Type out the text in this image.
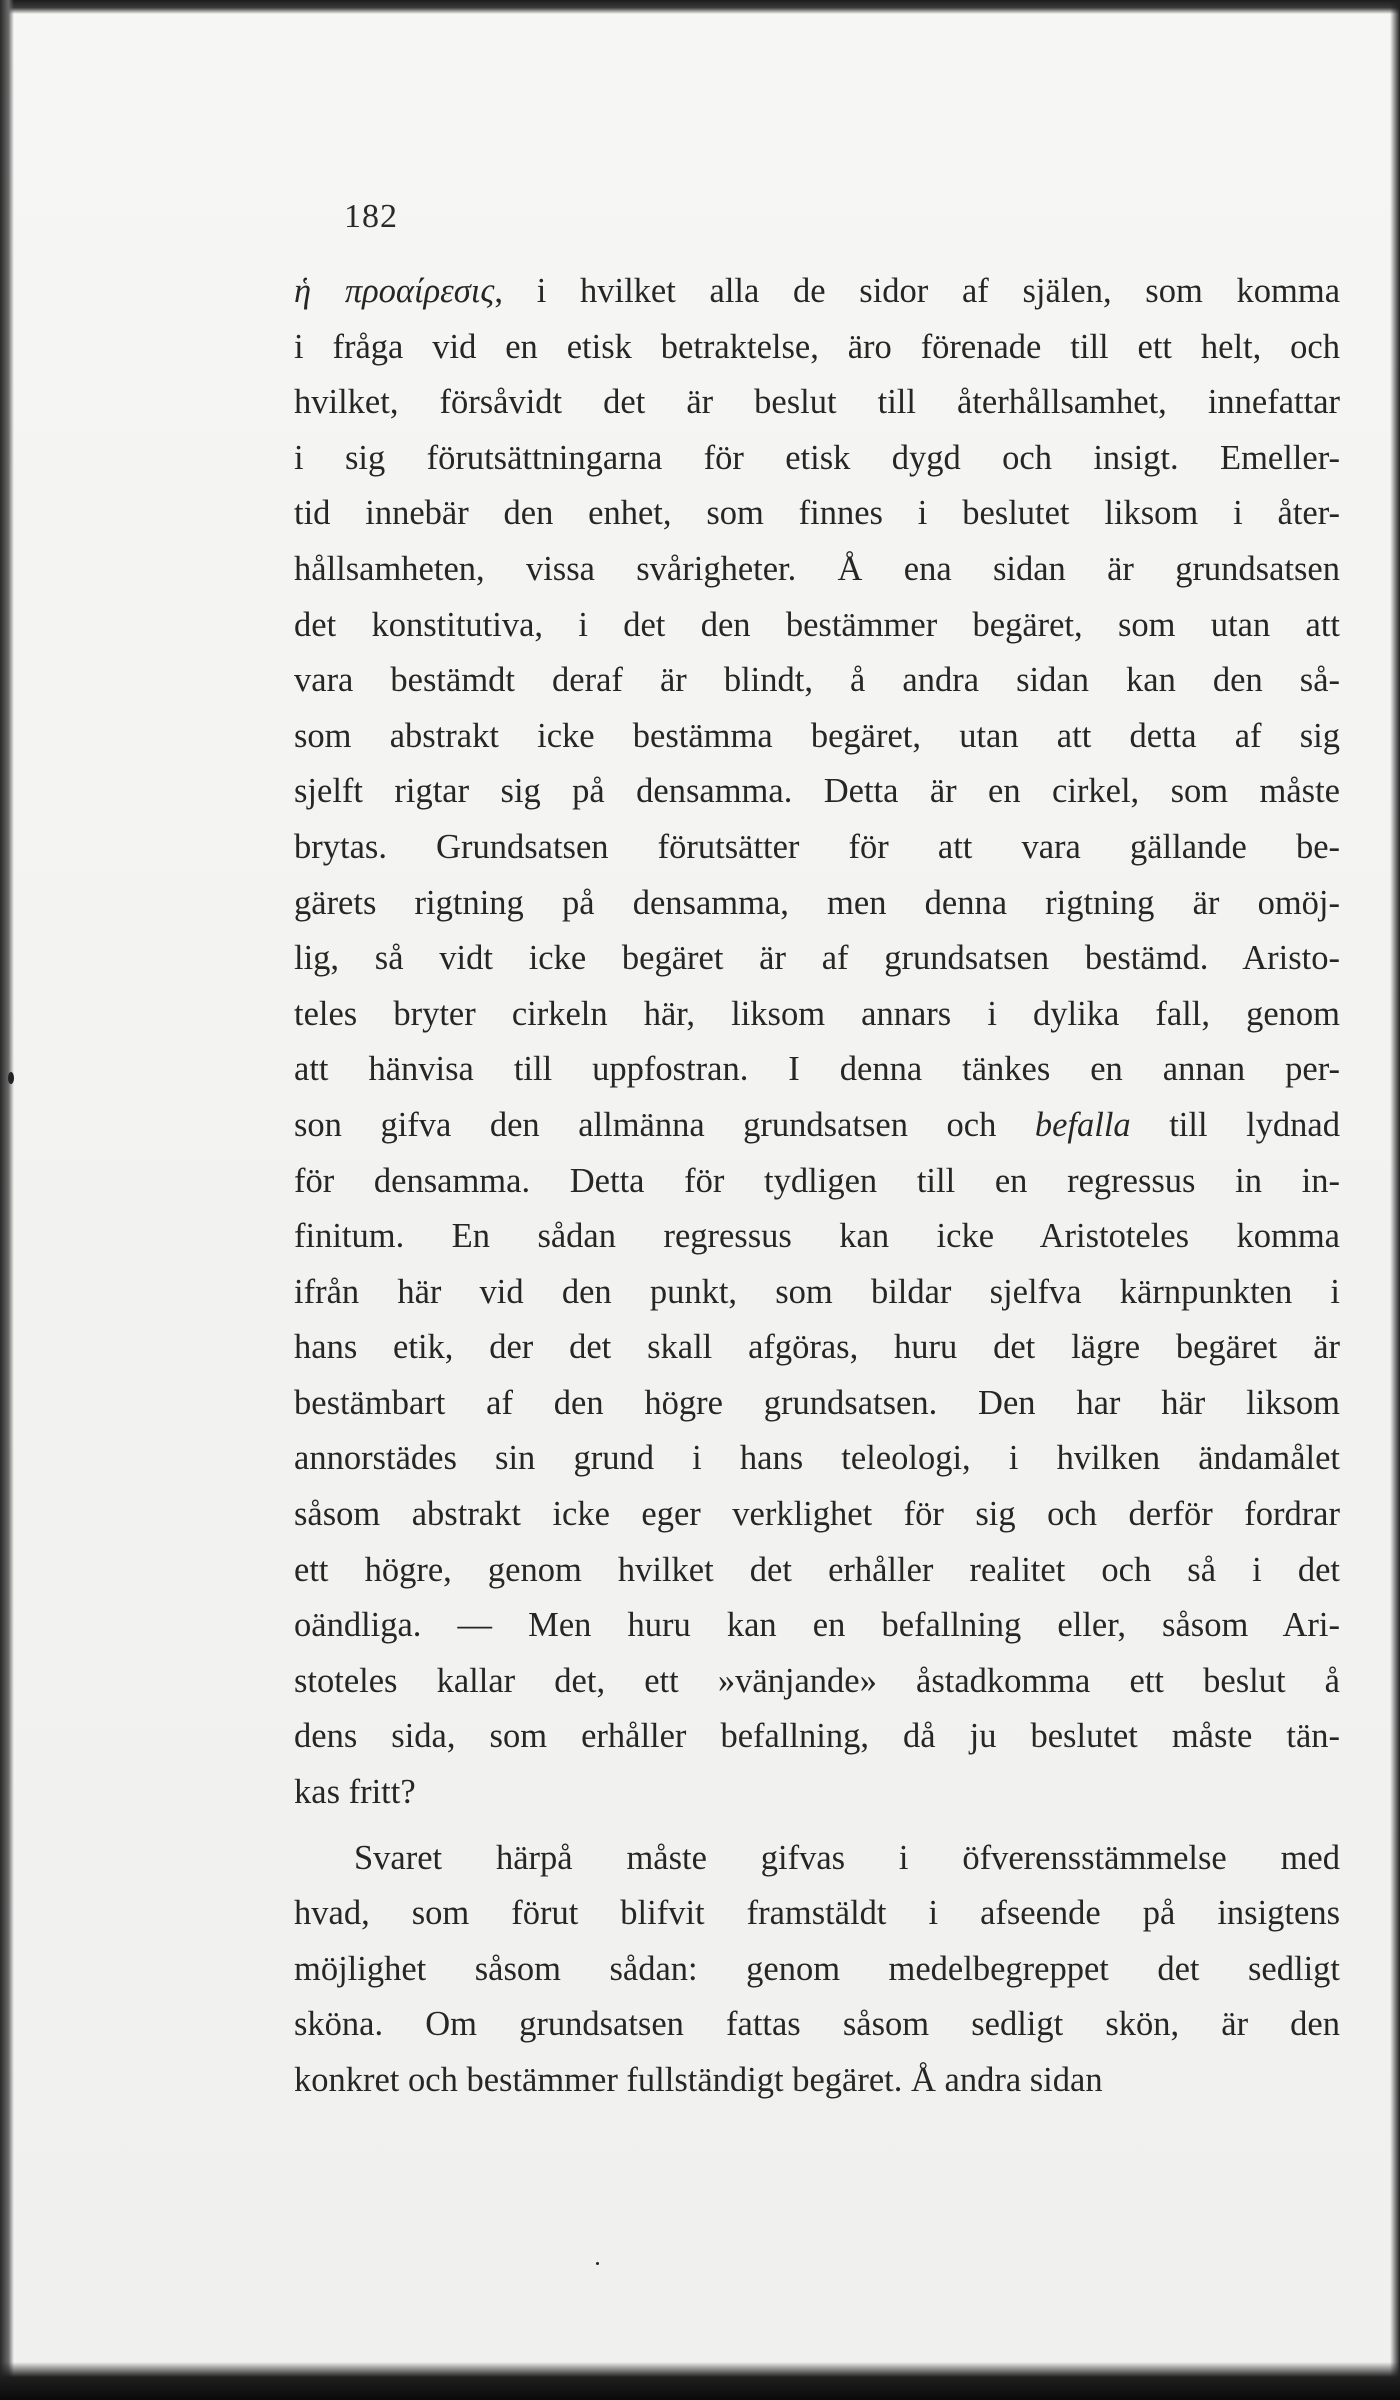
182
ἡ προαίρεσις, i hvilket alla de sidor af själen, som komma
i fråga vid en etisk betraktelse, äro förenade till ett helt, och
hvilket, försåvidt det är beslut till återhållsamhet, innefattar
i sig förutsättningarna för etisk dygd och insigt. Emeller-
tid innebär den enhet, som finnes i beslutet liksom i åter-
hållsamheten, vissa svårigheter. Å ena sidan är grundsatsen
det konstitutiva, i det den bestämmer begäret, som utan att
vara bestämdt deraf är blindt, å andra sidan kan den så-
som abstrakt icke bestämma begäret, utan att detta af sig
sjelft rigtar sig på densamma. Detta är en cirkel, som måste
brytas. Grundsatsen förutsätter för att vara gällande be-
gärets rigtning på densamma, men denna rigtning är omöj-
lig, så vidt icke begäret är af grundsatsen bestämd. Aristo-
teles bryter cirkeln här, liksom annars i dylika fall, genom
att hänvisa till uppfostran. I denna tänkes en annan per-
son gifva den allmänna grundsatsen och befalla till lydnad
för densamma. Detta för tydligen till en regressus in in-
finitum. En sådan regressus kan icke Aristoteles komma
ifrån här vid den punkt, som bildar sjelfva kärnpunkten i
hans etik, der det skall afgöras, huru det lägre begäret är
bestämbart af den högre grundsatsen. Den har här liksom
annorstädes sin grund i hans teleologi, i hvilken ändamålet
såsom abstrakt icke eger verklighet för sig och derför fordrar
ett högre, genom hvilket det erhåller realitet och så i det
oändliga. — Men huru kan en befallning eller, såsom Ari-
stoteles kallar det, ett »vänjande» åstadkomma ett beslut å
dens sida, som erhåller befallning, då ju beslutet måste tän-
kas fritt?
Svaret härpå måste gifvas i öfverensstämmelse med
hvad, som förut blifvit framstäldt i afseende på insigtens
möjlighet såsom sådan: genom medelbegreppet det sedligt
sköna. Om grundsatsen fattas såsom sedligt skön, är den
konkret och bestämmer fullständigt begäret. Å andra sidan
